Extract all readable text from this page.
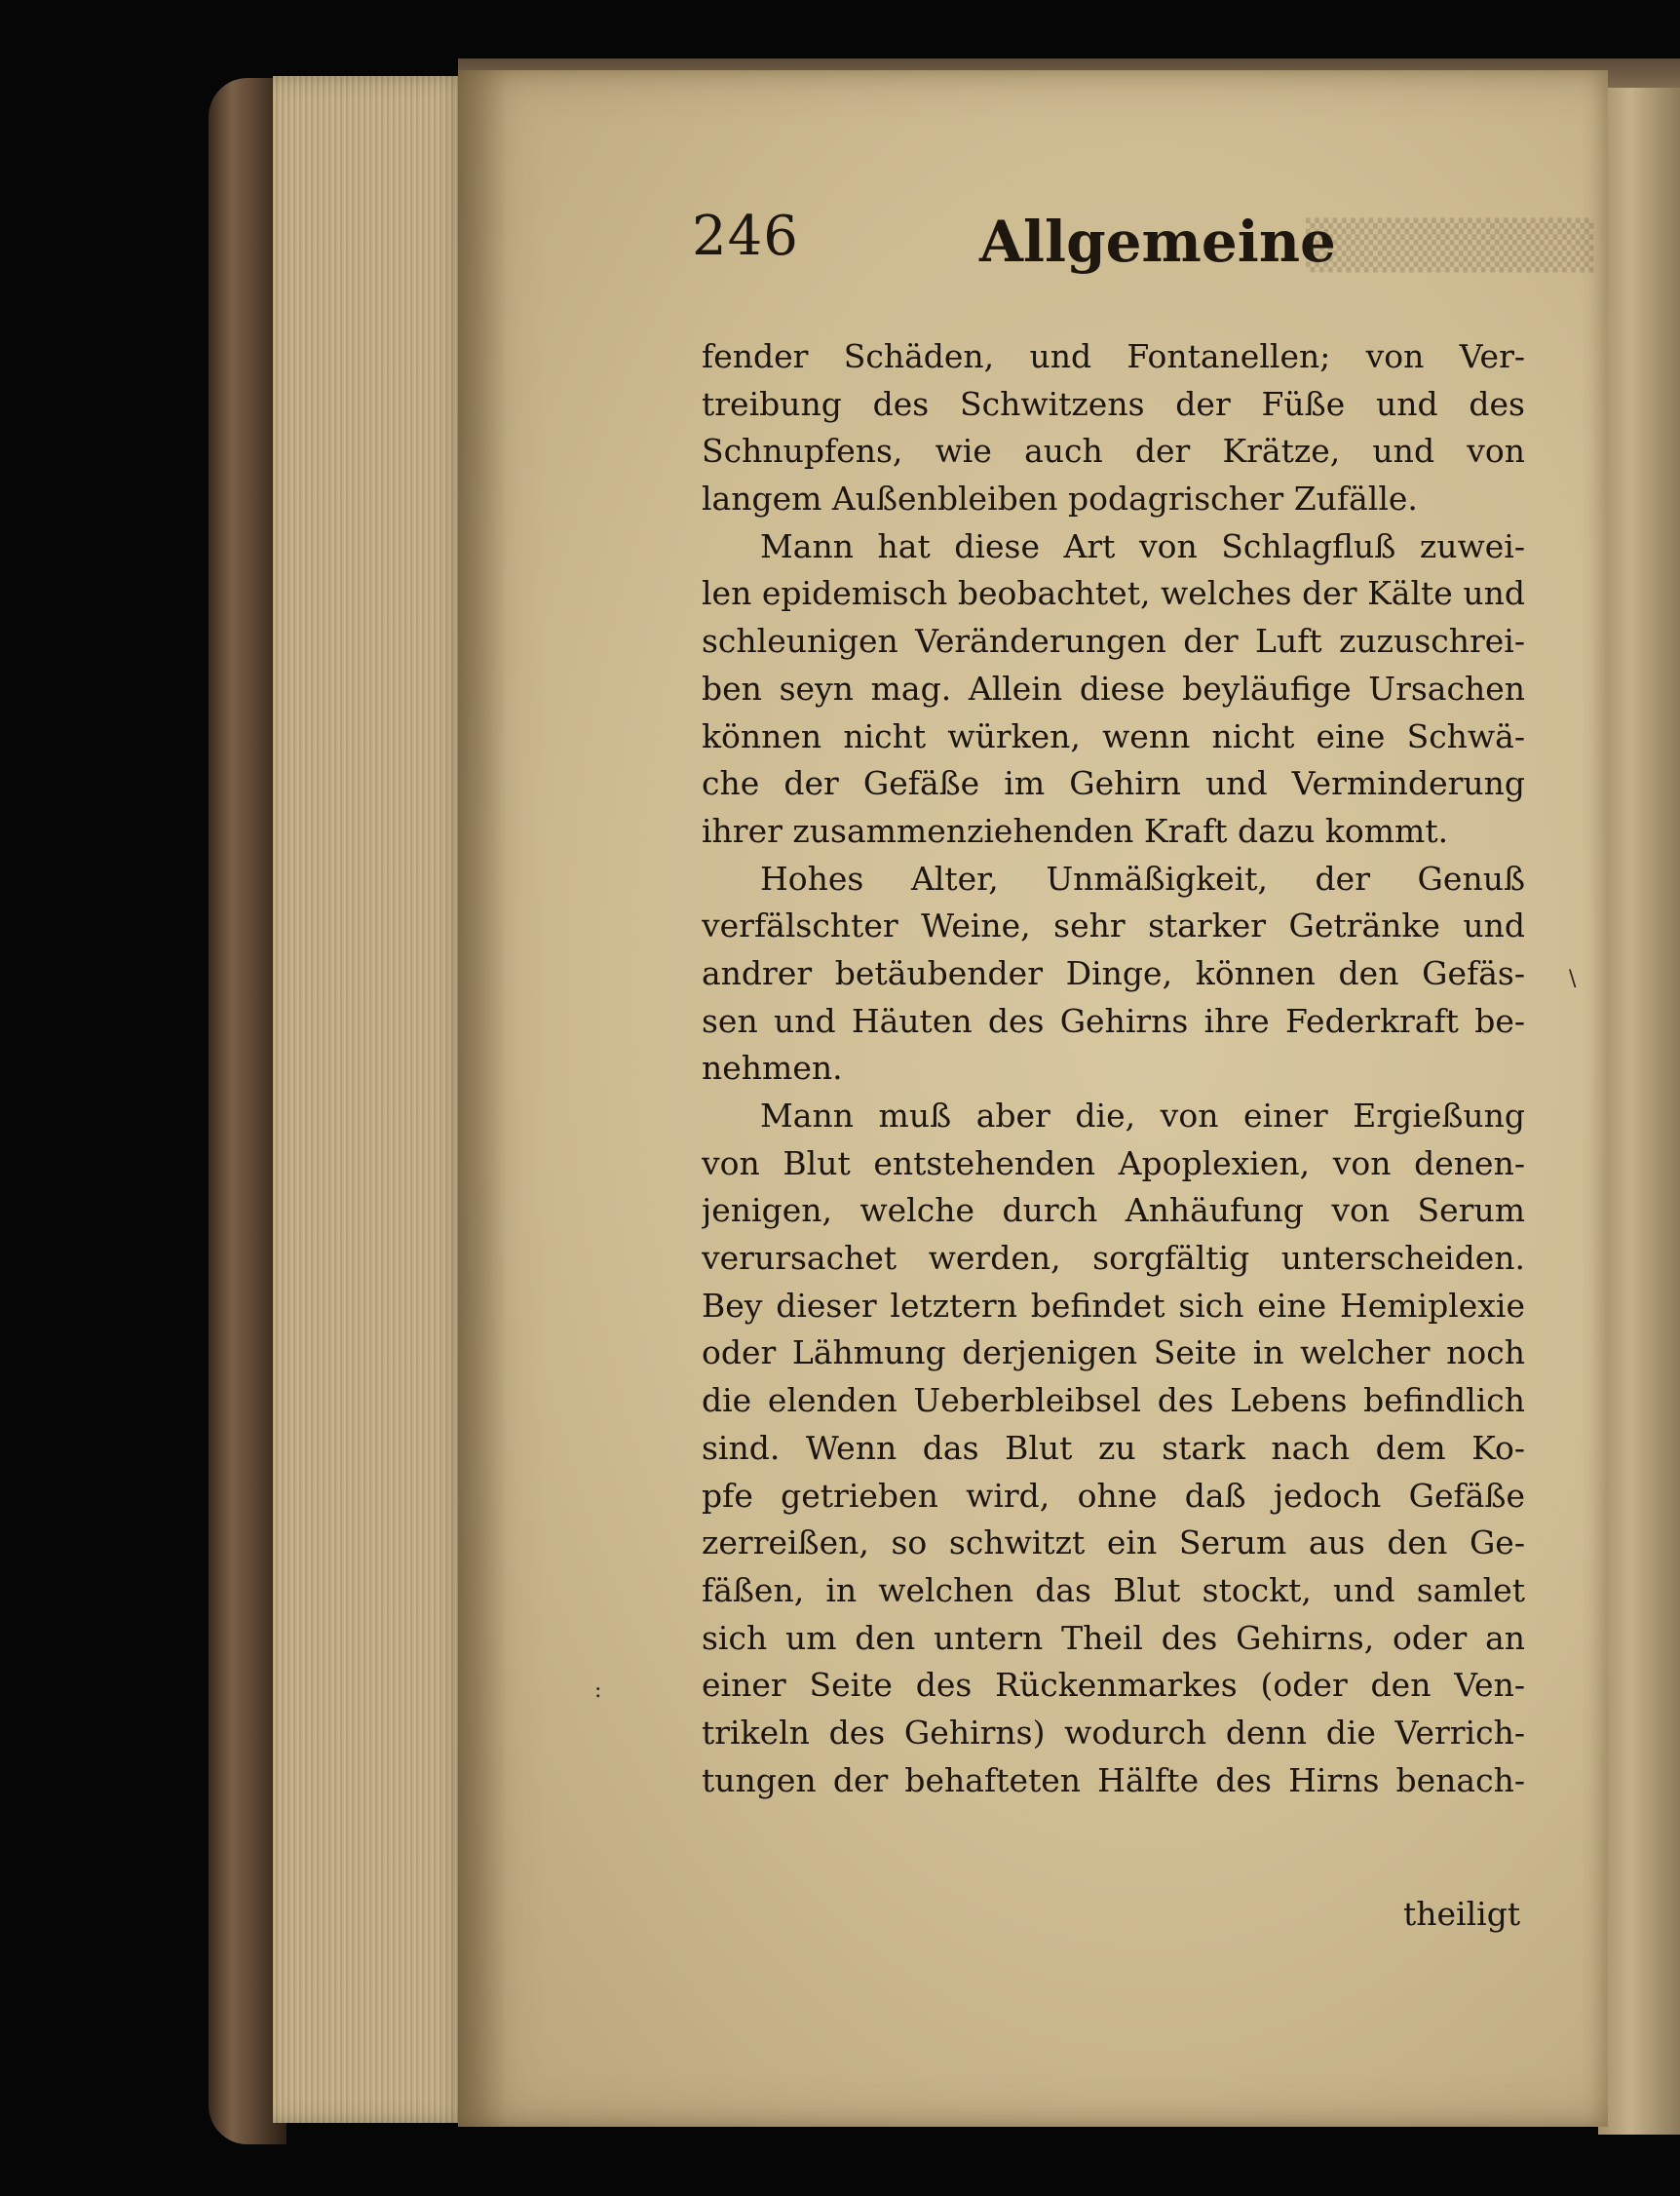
246	Allgemeine
▒▒▒▒▒▒▒▒
fender Schäden, und Fontanellen; von Ver-
treibung des Schwitzens der Füße und des
Schnupfens, wie auch der Krätze, und von
langem Außenbleiben podagrischer Zufälle.
Mann hat diese Art von Schlagfluß zuwei-
len epidemisch beobachtet, welches der Kälte und
schleunigen Veränderungen der Luft zuzuschrei-
ben seyn mag. Allein diese beyläufige Ursachen
können nicht würken, wenn nicht eine Schwä-
che der Gefäße im Gehirn und Verminderung
ihrer zusammenziehenden Kraft dazu kommt.
Hohes Alter, Unmäßigkeit, der Genuß
verfälschter Weine, sehr starker Getränke und
andrer betäubender Dinge, können den Gefäs-
sen und Häuten des Gehirns ihre Federkraft be-
nehmen.
Mann muß aber die, von einer Ergießung
von Blut entstehenden Apoplexien, von denen-
jenigen, welche durch Anhäufung von Serum
verursachet werden, sorgfältig unterscheiden.
Bey dieser letztern befindet sich eine Hemiplexie
oder Lähmung derjenigen Seite in welcher noch
die elenden Ueberbleibsel des Lebens befindlich
sind. Wenn das Blut zu stark nach dem Ko-
pfe getrieben wird, ohne daß jedoch Gefäße
zerreißen, so schwitzt ein Serum aus den Ge-
fäßen, in welchen das Blut stockt, und samlet
sich um den untern Theil des Gehirns, oder an
einer Seite des Rückenmarkes (oder den Ven-
trikeln des Gehirns) wodurch denn die Verrich-
tungen der behafteten Hälfte des Hirns benach-
theiligt
\
:
